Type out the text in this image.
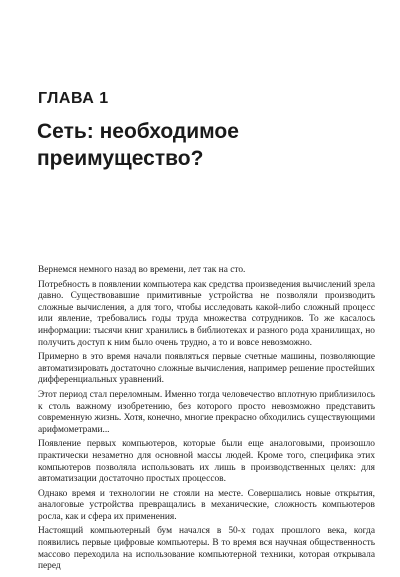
ГЛАВА 1
Сеть: необходимое преимущество?

Вернемся немного назад во времени, лет так на сто.

Потребность в появлении компьютера как средства произведения вычислений зрела давно. Существовавшие примитивные устройства не позволяли производить сложные вычисления, а для того, чтобы исследовать какой-либо сложный процесс или явление, требовались годы труда множества сотрудников. То же касалось информации: тысячи книг хранились в библиотеках и разного рода хранилищах, но получить доступ к ним было очень трудно, а то и вовсе невозможно.

Примерно в это время начали появляться первые счетные машины, позволяющие автоматизировать достаточно сложные вычисления, например решение простейших дифференциальных уравнений.

Этот период стал переломным. Именно тогда человечество вплотную приблизилось к столь важному изобретению, без которого просто невозможно представить современную жизнь. Хотя, конечно, многие прекрасно обходились существующими арифмометрами...

Появление первых компьютеров, которые были еще аналоговыми, произошло практически незаметно для основной массы людей. Кроме того, специфика этих компьютеров позволяла использовать их лишь в производственных целях: для автоматизации достаточно простых процессов.

Однако время и технологии не стояли на месте. Совершались новые открытия, аналоговые устройства превращались в механические, сложность компьютеров росла, как и сфера их применения.

Настоящий компьютерный бум начался в 50-х годах прошлого века, когда появились первые цифровые компьютеры. В то время вся научная общественность массово переходила на использование компьютерной техники, которая открывала перед
